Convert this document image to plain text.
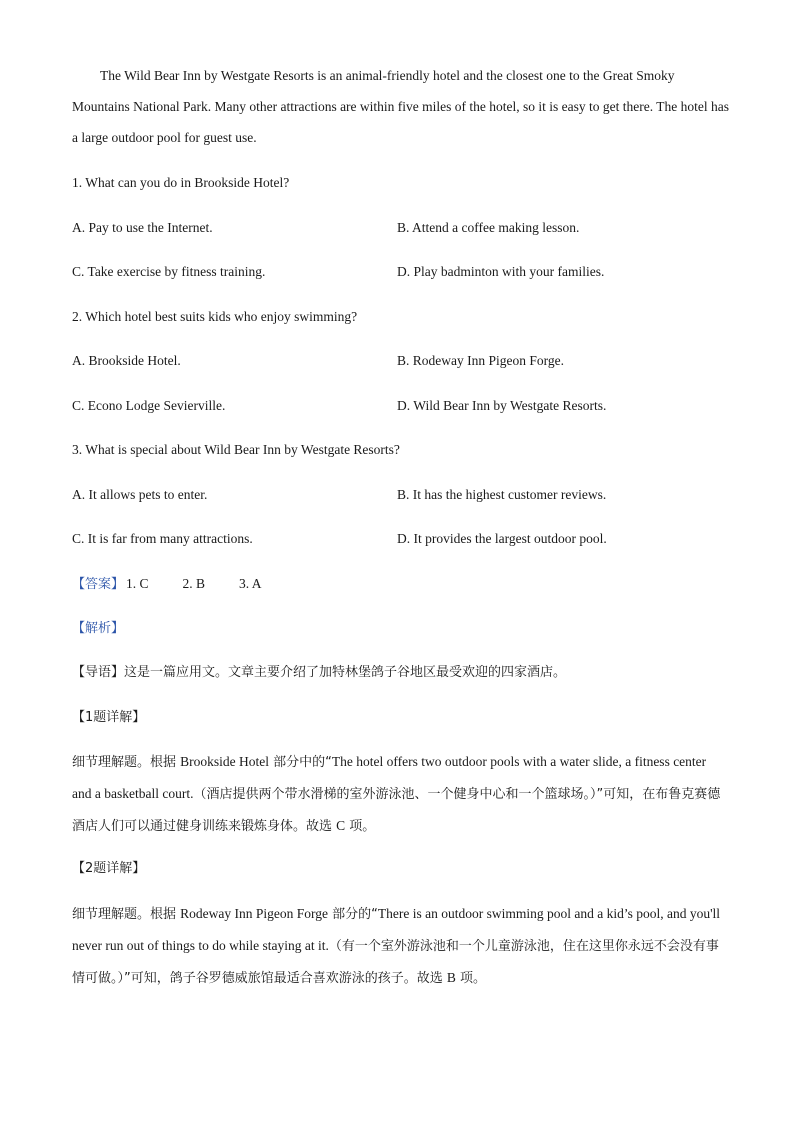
The Wild Bear Inn by Westgate Resorts is an animal-friendly hotel and the closest one to the Great Smoky Mountains National Park. Many other attractions are within five miles of the hotel, so it is easy to get there. The hotel has a large outdoor pool for guest use.

1. What can you do in Brookside Hotel?
A. Pay to use the Internet.	B. Attend a coffee making lesson.
C. Take exercise by fitness training.	D. Play badminton with your families.
2. Which hotel best suits kids who enjoy swimming?
A. Brookside Hotel.	B. Rodeway Inn Pigeon Forge.
C. Econo Lodge Sevierville.	D. Wild Bear Inn by Westgate Resorts.
3. What is special about Wild Bear Inn by Westgate Resorts?
A. It allows pets to enter.	B. It has the highest customer reviews.
C. It is far from many attractions.	D. It provides the largest outdoor pool.
【答案】 1. C	2. B	3. A
【解析】
【导语】这是一篇应用文。文章主要介绍了加特林堡鸽子谷地区最受欢迎的四家酒店。
【1题详解】

细节理解题。根据 Brookside Hotel 部分中的“The hotel offers two outdoor pools with a water slide, a fitness center and a basketball court.（酒店提供两个带水滑梯的室外游泳池、一个健身中心和一个篮球场。）”可知，在布鲁克赛德酒店人们可以通过健身训练来锻炼身体。故选 C 项。

【2题详解】

细节理解题。根据 Rodeway Inn Pigeon Forge 部分的“There is an outdoor swimming pool and a kid’s pool, and you'll never run out of things to do while staying at it.（有一个室外游泳池和一个儿童游泳池，住在这里你永远不会没有事情可做。）”可知，鸽子谷罗德威旅馆最适合喜欢游泳的孩子。故选 B 项。
